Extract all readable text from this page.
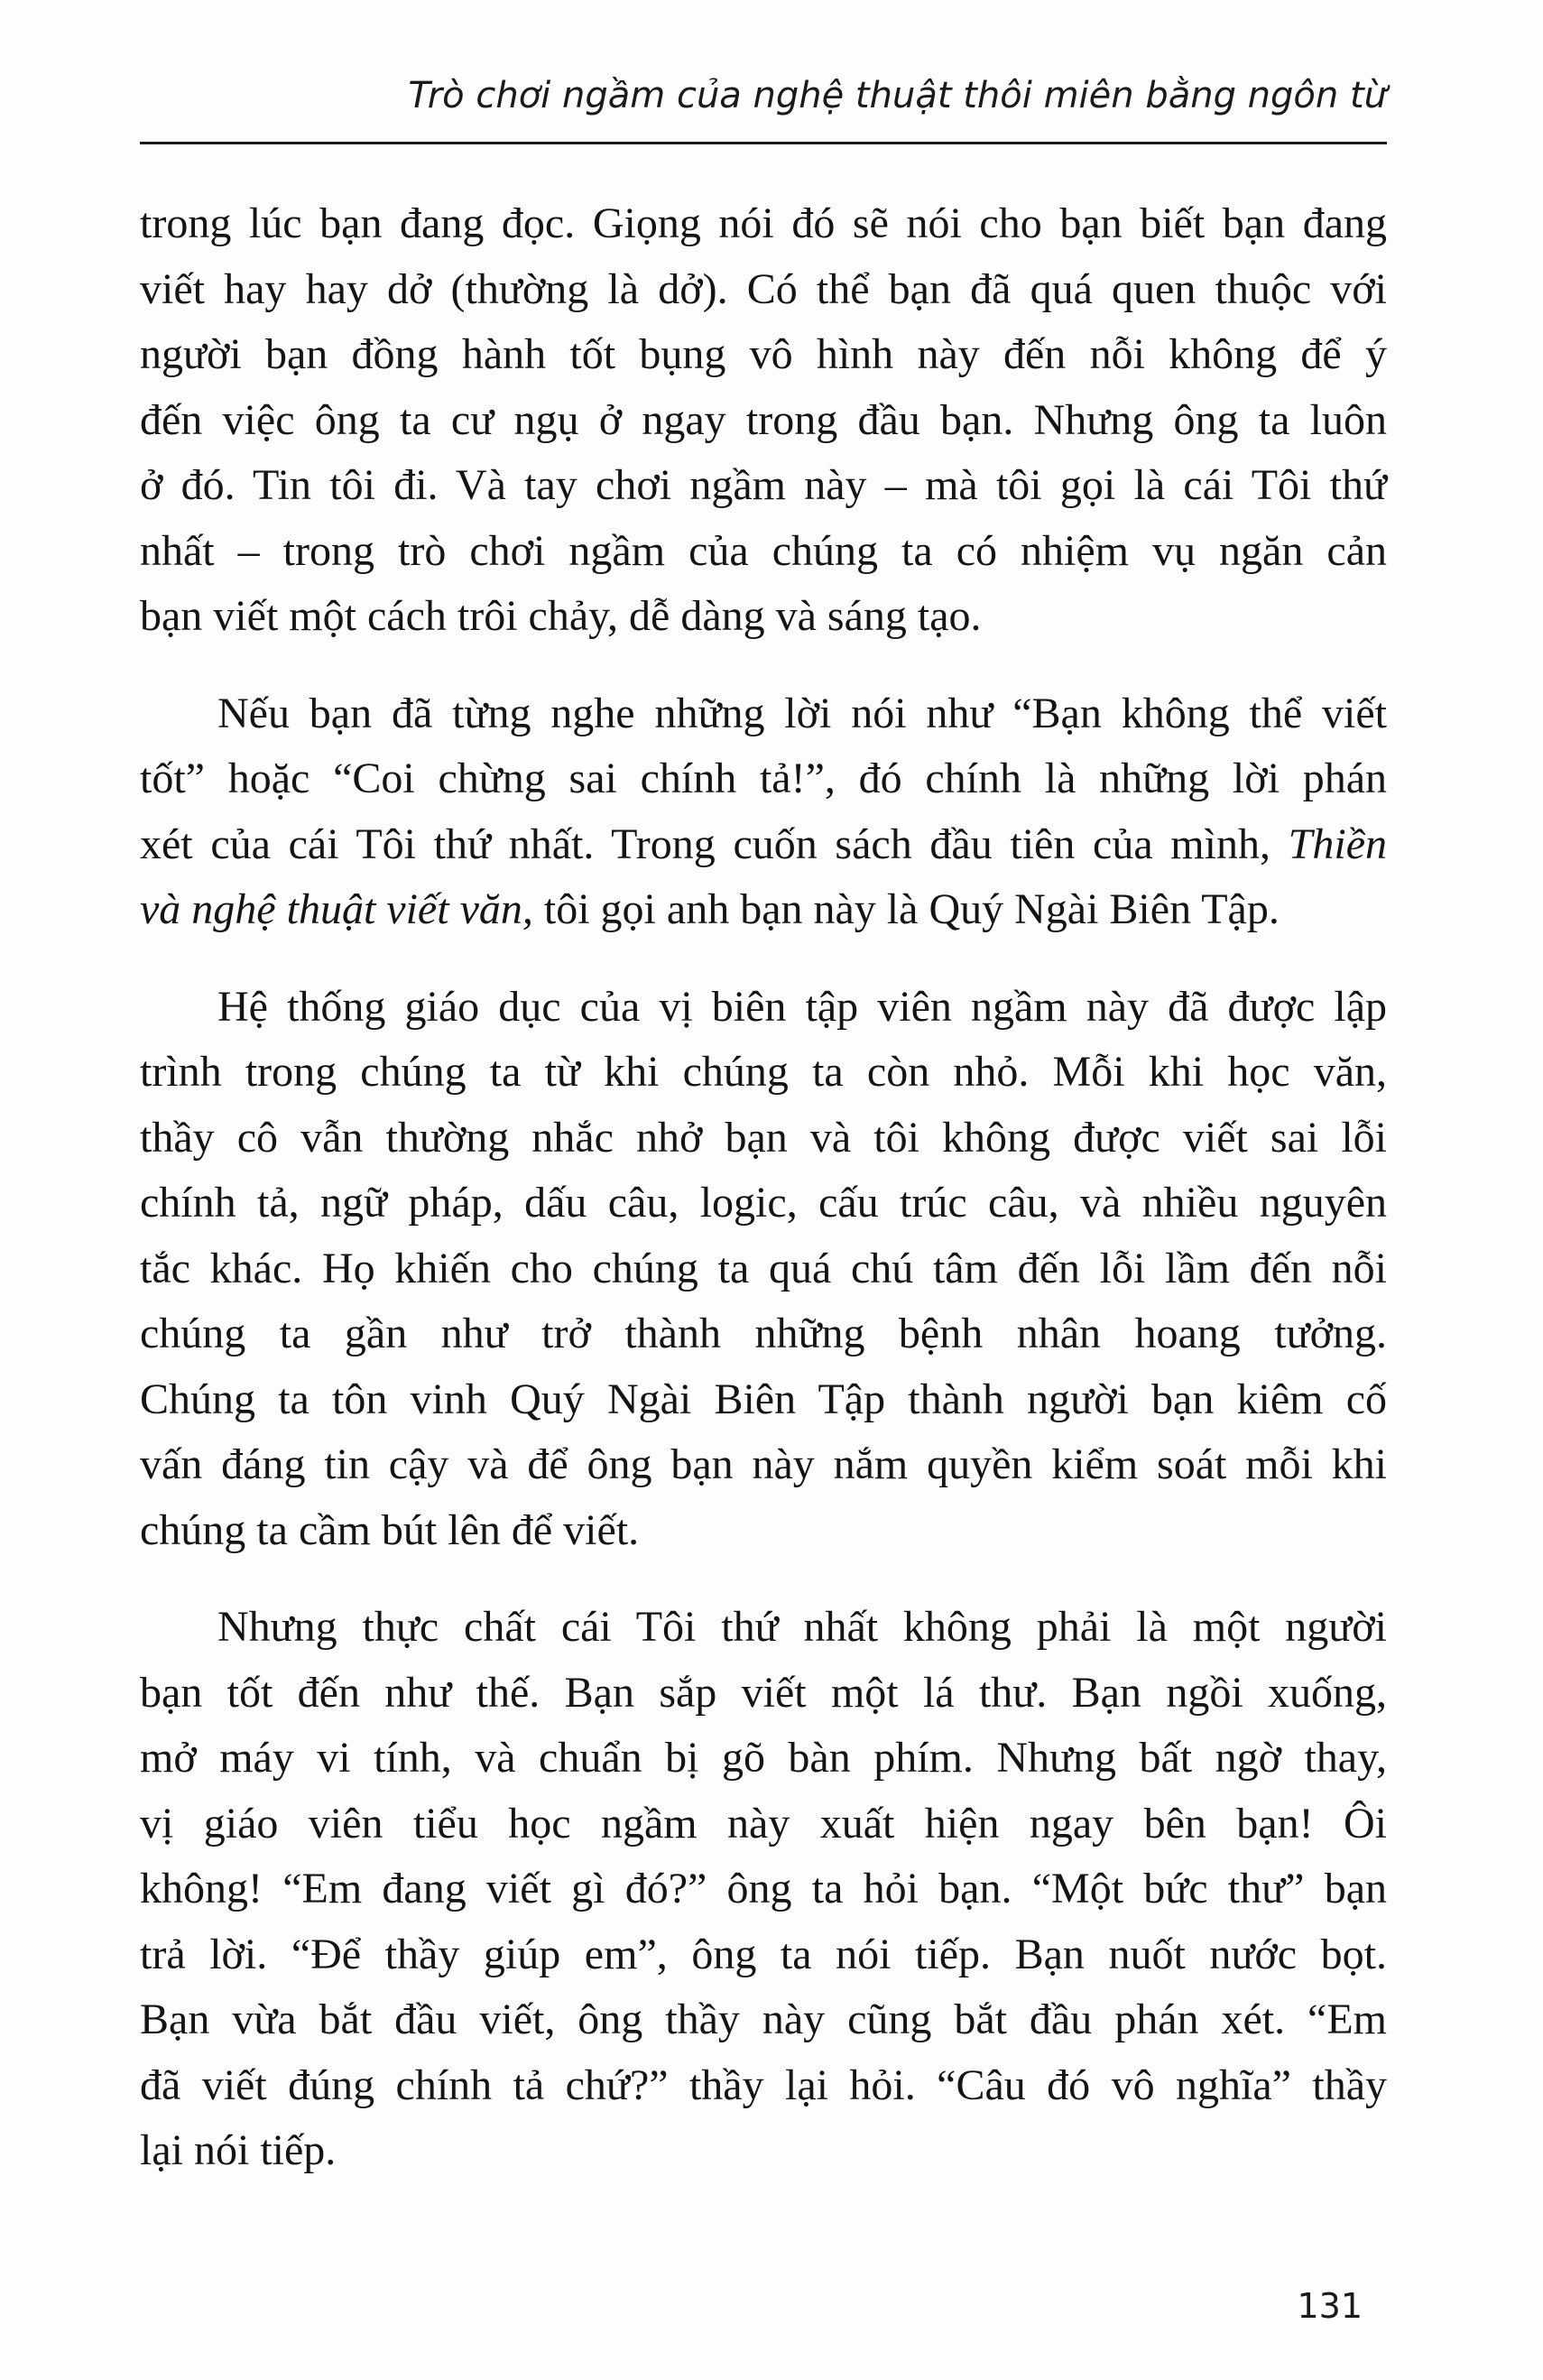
Trò chơi ngầm của nghệ thuật thôi miên bằng ngôn từ

trong lúc bạn đang đọc. Giọng nói đó sẽ nói cho bạn biết bạn đang
viết hay hay dở (thường là dở). Có thể bạn đã quá quen thuộc với
người bạn đồng hành tốt bụng vô hình này đến nỗi không để ý
đến việc ông ta cư ngụ ở ngay trong đầu bạn. Nhưng ông ta luôn
ở đó. Tin tôi đi. Và tay chơi ngầm này – mà tôi gọi là cái Tôi thứ
nhất – trong trò chơi ngầm của chúng ta có nhiệm vụ ngăn cản
bạn viết một cách trôi chảy, dễ dàng và sáng tạo.

Nếu bạn đã từng nghe những lời nói như “Bạn không thể viết
tốt” hoặc “Coi chừng sai chính tả!”, đó chính là những lời phán
xét của cái Tôi thứ nhất. Trong cuốn sách đầu tiên của mình, Thiền
và nghệ thuật viết văn, tôi gọi anh bạn này là Quý Ngài Biên Tập.

Hệ thống giáo dục của vị biên tập viên ngầm này đã được lập
trình trong chúng ta từ khi chúng ta còn nhỏ. Mỗi khi học văn,
thầy cô vẫn thường nhắc nhở bạn và tôi không được viết sai lỗi
chính tả, ngữ pháp, dấu câu, logic, cấu trúc câu, và nhiều nguyên
tắc khác. Họ khiến cho chúng ta quá chú tâm đến lỗi lầm đến nỗi
chúng ta gần như trở thành những bệnh nhân hoang tưởng.
Chúng ta tôn vinh Quý Ngài Biên Tập thành người bạn kiêm cố
vấn đáng tin cậy và để ông bạn này nắm quyền kiểm soát mỗi khi
chúng ta cầm bút lên để viết.

Nhưng thực chất cái Tôi thứ nhất không phải là một người
bạn tốt đến như thế. Bạn sắp viết một lá thư. Bạn ngồi xuống,
mở máy vi tính, và chuẩn bị gõ bàn phím. Nhưng bất ngờ thay,
vị giáo viên tiểu học ngầm này xuất hiện ngay bên bạn! Ôi
không! “Em đang viết gì đó?” ông ta hỏi bạn. “Một bức thư” bạn
trả lời. “Để thầy giúp em”, ông ta nói tiếp. Bạn nuốt nước bọt.
Bạn vừa bắt đầu viết, ông thầy này cũng bắt đầu phán xét. “Em
đã viết đúng chính tả chứ?” thầy lại hỏi. “Câu đó vô nghĩa” thầy
lại nói tiếp.

131
